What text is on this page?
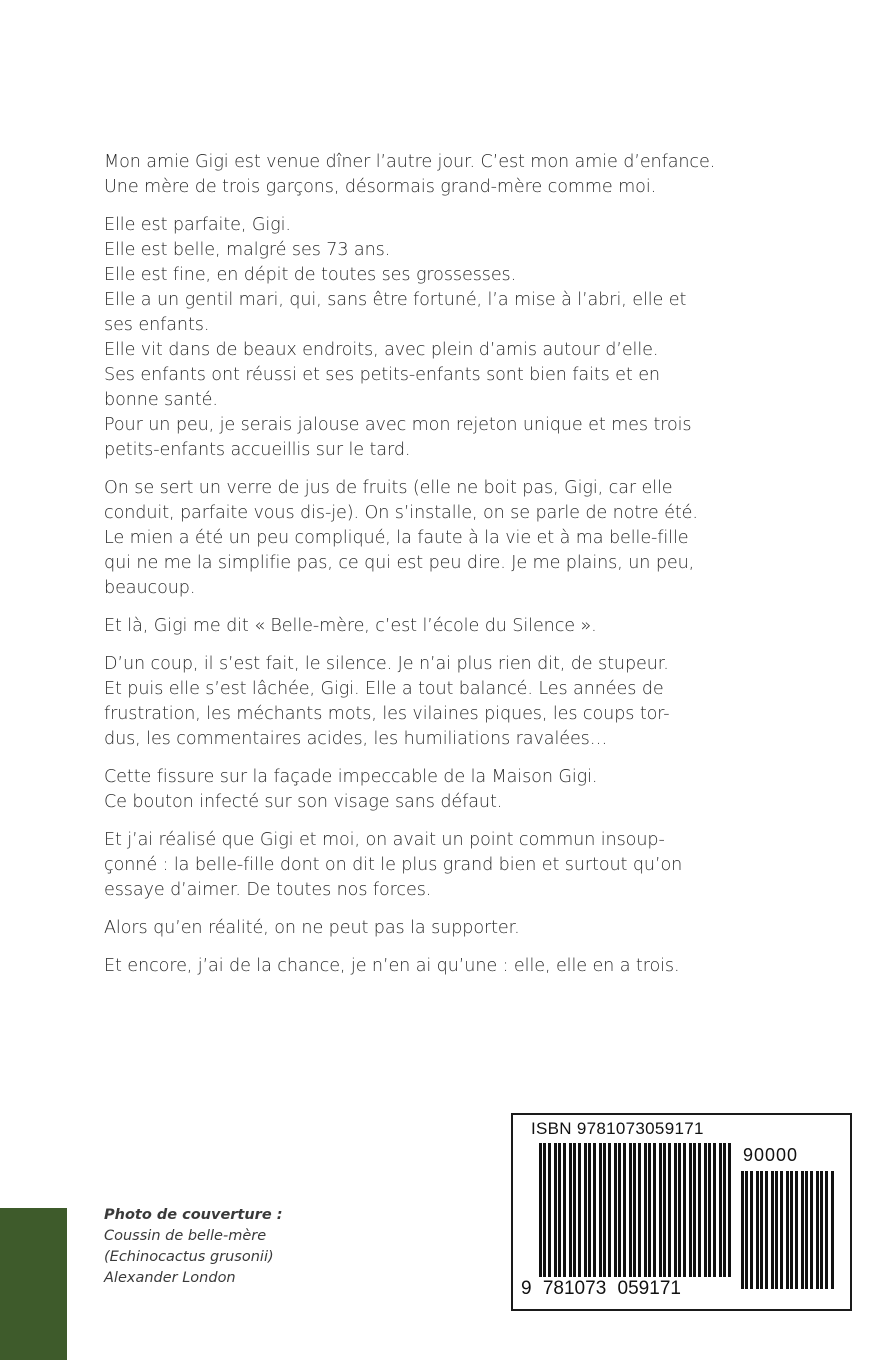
Mon amie Gigi est venue dîner l’autre jour. C’est mon amie d’enfance.
Une mère de trois garçons, désormais grand-mère comme moi.

Elle est parfaite, Gigi.
Elle est belle, malgré ses 73 ans.
Elle est fine, en dépit de toutes ses grossesses.
Elle a un gentil mari, qui, sans être fortuné, l’a mise à l’abri, elle et
ses enfants.
Elle vit dans de beaux endroits, avec plein d’amis autour d’elle.
Ses enfants ont réussi et ses petits-enfants sont bien faits et en
bonne santé.
Pour un peu, je serais jalouse avec mon rejeton unique et mes trois
petits-enfants accueillis sur le tard.

On se sert un verre de jus de fruits (elle ne boit pas, Gigi, car elle
conduit, parfaite vous dis-je). On s’installe, on se parle de notre été.
Le mien a été un peu compliqué, la faute à la vie et à ma belle-fille
qui ne me la simplifie pas, ce qui est peu dire. Je me plains, un peu,
beaucoup.

Et là, Gigi me dit « Belle-mère, c’est l’école du Silence ».

D’un coup, il s’est fait, le silence. Je n’ai plus rien dit, de stupeur.
Et puis elle s’est lâchée, Gigi. Elle a tout balancé. Les années de
frustration, les méchants mots, les vilaines piques, les coups tor-
dus, les commentaires acides, les humiliations ravalées…

Cette fissure sur la façade impeccable de la Maison Gigi.
Ce bouton infecté sur son visage sans défaut.

Et j’ai réalisé que Gigi et moi, on avait un point commun insoup-
çonné : la belle-fille dont on dit le plus grand bien et surtout qu’on
essaye d’aimer. De toutes nos forces.

Alors qu’en réalité, on ne peut pas la supporter.

Et encore, j’ai de la chance, je n’en ai qu’une : elle, elle en a trois.

Photo de couverture :
Coussin de belle-mère
(Echinocactus grusonii)
Alexander London
ISBN 9781073059171
90000
9 781073 059171
